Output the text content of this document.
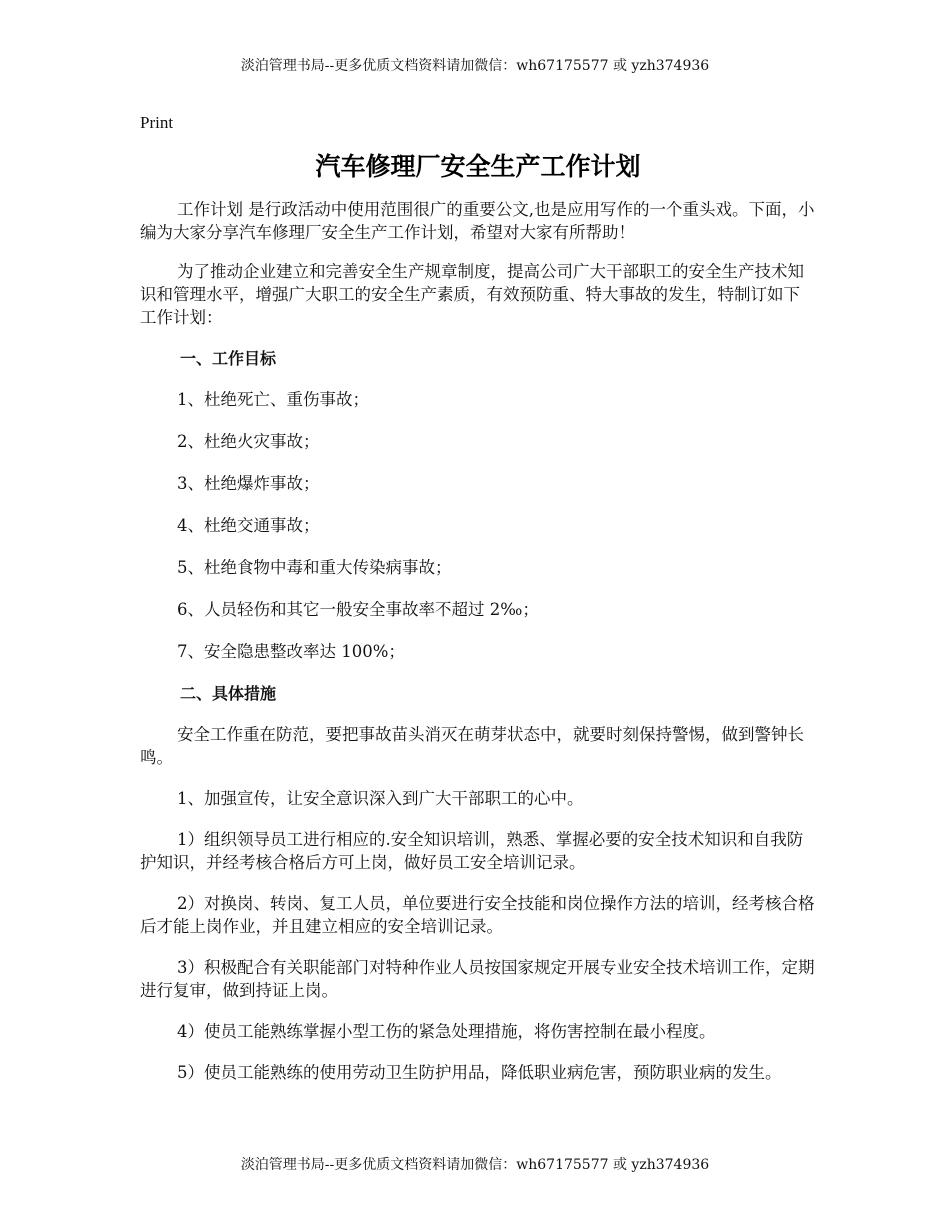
淡泊管理书局--更多优质文档资料请加微信：wh67175577 或 yzh374936
Print
汽车修理厂安全生产工作计划

工作计划 是行政活动中使用范围很广的重要公文,也是应用写作的一个重头戏。下面，小编为大家分享汽车修理厂安全生产工作计划，希望对大家有所帮助！

为了推动企业建立和完善安全生产规章制度，提高公司广大干部职工的安全生产技术知识和管理水平，增强广大职工的安全生产素质，有效预防重、特大事故的发生，特制订如下工作计划：

一、工作目标
1、杜绝死亡、重伤事故；
2、杜绝火灾事故；
3、杜绝爆炸事故；
4、杜绝交通事故；
5、杜绝食物中毒和重大传染病事故；
6、人员轻伤和其它一般安全事故率不超过 2‰；
7、安全隐患整改率达 100%；
二、具体措施

安全工作重在防范，要把事故苗头消灭在萌芽状态中，就要时刻保持警惕，做到警钟长鸣。

1、加强宣传，让安全意识深入到广大干部职工的心中。

1）组织领导员工进行相应的.安全知识培训，熟悉、掌握必要的安全技术知识和自我防护知识，并经考核合格后方可上岗，做好员工安全培训记录。

2）对换岗、转岗、复工人员，单位要进行安全技能和岗位操作方法的培训，经考核合格后才能上岗作业，并且建立相应的安全培训记录。

3）积极配合有关职能部门对特种作业人员按国家规定开展专业安全技术培训工作，定期进行复审，做到持证上岗。

4）使员工能熟练掌握小型工伤的紧急处理措施，将伤害控制在最小程度。

5）使员工能熟练的使用劳动卫生防护用品，降低职业病危害，预防职业病的发生。

淡泊管理书局--更多优质文档资料请加微信：wh67175577 或 yzh374936
